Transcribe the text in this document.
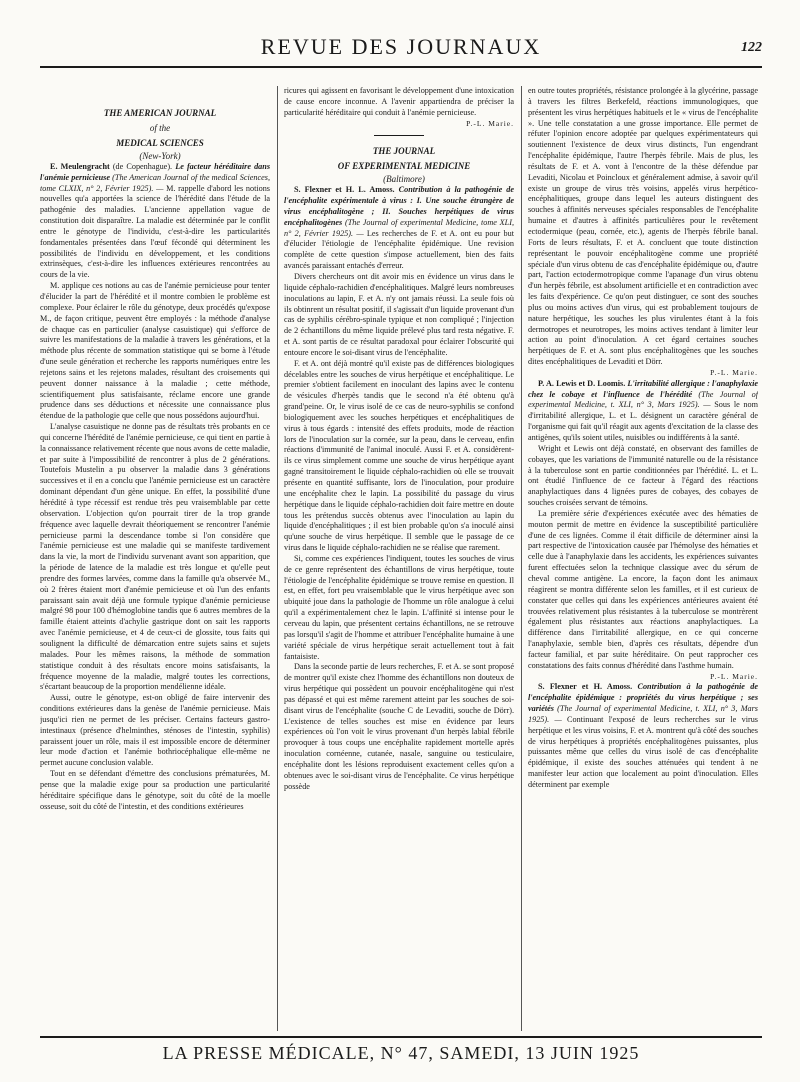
REVUE DES JOURNAUX	122

THE AMERICAN JOURNAL

of the

MEDICAL SCIENCES

(New-York)

E. Meulengracht (de Copenhague). Le facteur héréditaire dans l'anémie pernicieuse (The American Journal of the medical Sciences, tome CLXIX, n° 2, Février 1925). — M. rappelle d'abord les notions nouvelles qu'a apportées la science de l'hérédité dans l'étude de la pathogénie des maladies. L'ancienne appellation vague de constitution doit disparaître. La maladie est déterminée par le conflit entre le génotype de l'individu, c'est-à-dire les particularités fondamentales présentées dans l'œuf fécondé qui déterminent les possibilités de l'individu en développement, et les conditions extrinsèques, c'est-à-dire les influences extérieures rencontrées au cours de la vie.

M. applique ces notions au cas de l'anémie pernicieuse pour tenter d'élucider la part de l'hérédité et il montre combien le problème est complexe. Pour éclairer le rôle du génotype, deux procédés qu'expose M., de façon critique, peuvent être employés : la méthode d'analyse de chaque cas en particulier (analyse casuistique) qui s'efforce de suivre les manifestations de la maladie à travers les générations, et la méthode plus récente de sommation statistique qui se borne à l'étude d'une seule génération et recherche les rapports numériques entre les rejetons sains et les rejetons malades, résultant des croisements qui peuvent donner naissance à la maladie ; cette méthode, scientifiquement plus satisfaisante, réclame encore une grande prudence dans ses déductions et nécessite une connaissance plus étendue de la pathologie que celle que nous possédons aujourd'hui.

L'analyse casuistique ne donne pas de résultats très probants en ce qui concerne l'hérédité de l'anémie pernicieuse, ce qui tient en partie à la connaissance relativement récente que nous avons de cette maladie, et par suite à l'impossibilité de rencontrer à plus de 2 générations. Toutefois Mustelin a pu observer la maladie dans 3 générations successives et il en a conclu que l'anémie pernicieuse est un caractère dominant dépendant d'un gène unique. En effet, la possibilité d'une hérédité à type récessif est rendue très peu vraisemblable par cette observation. L'objection qu'on pourrait tirer de la trop grande fréquence avec laquelle devrait théoriquement se rencontrer l'anémie pernicieuse parmi la descendance tombe si l'on considère que l'anémie pernicieuse est une maladie qui se manifeste tardivement dans la vie, la mort de l'individu survenant avant son apparition, que la période de latence de la maladie est très longue et qu'elle peut prendre des formes larvées, comme dans la famille qu'a observée M., où 2 frères étaient mort d'anémie pernicieuse et où l'un des enfants paraissant sain avait déjà une formule typique d'anémie pernicieuse malgré 98 pour 100 d'hémoglobine tandis que 6 autres membres de la famille étaient atteints d'achylie gastrique dont on sait les rapports avec l'anémie pernicieuse, et 4 de ceux-ci de glossite, tous faits qui soulignent la difficulté de démarcation entre sujets sains et sujets malades. Pour les mêmes raisons, la méthode de sommation statistique conduit à des résultats encore moins satisfaisants, la fréquence moyenne de la maladie, malgré toutes les corrections, s'écartant beaucoup de la proportion mendélienne idéale.

Aussi, outre le génotype, est-on obligé de faire intervenir des conditions extérieures dans la genèse de l'anémie pernicieuse. Mais jusqu'ici rien ne permet de les préciser. Certains facteurs gastro-intestinaux (présence d'helminthes, sténoses de l'intestin, syphilis) paraissent jouer un rôle, mais il est impossible encore de déterminer leur mode d'action et l'anémie bothriocéphalique elle-même ne permet aucune conclusion valable.

Tout en se défendant d'émettre des conclusions prématurées, M. pense que la maladie exige pour sa production une particularité héréditaire spécifique dans le génotype, soit du côté de la moelle osseuse, soit du côté de l'intestin, et des conditions extérieures

ricures qui agissent en favorisant le développement d'une intoxication de cause encore inconnue. A l'avenir appartiendra de préciser la particularité héréditaire qui conduit à l'anémie pernicieuse.

P.-L. Marie.

THE JOURNAL

OF EXPERIMENTAL MEDICINE

(Baltimore)

S. Flexner et H. L. Amoss. Contribution à la pathogénie de l'encéphalite expérimentale à virus : I. Une souche étrangère de virus encéphalitogène ; II. Souches herpétiques de virus encéphalitogènes (The Journal of experimental Medicine, tome XLI, n° 2, Février 1925). — Les recherches de F. et A. ont eu pour but d'élucider l'étiologie de l'encéphalite épidémique. Une revision complète de cette question s'impose actuellement, bien des faits avancés paraissant entachés d'erreur.

Divers chercheurs ont dit avoir mis en évidence un virus dans le liquide céphalo-rachidien d'encéphalitiques. Malgré leurs nombreuses inoculations au lapin, F. et A. n'y ont jamais réussi. La seule fois où ils obtinrent un résultat positif, il s'agissait d'un liquide provenant d'un cas de syphilis cérébro-spinale typique et non compliqué ; l'injection de 2 échantillons du même liquide prélevé plus tard resta négative. F. et A. sont partis de ce résultat paradoxal pour éclairer l'obscurité qui entoure encore le soi-disant virus de l'encéphalite.

F. et A. ont déjà montré qu'il existe pas de différences biologiques décelables entre les souches de virus herpétique et encéphalitique. Le premier s'obtient facilement en inoculant des lapins avec le contenu de vésicules d'herpès tandis que le second n'a été obtenu qu'à grand'peine. Or, le virus isolé de ce cas de neuro-syphilis se confond biologiquement avec les souches herpétiques et encéphalitiques de virus à tous égards : intensité des effets produits, mode de réaction lors de l'inoculation sur la cornée, sur la peau, dans le cerveau, enfin réactions d'immunité de l'animal inoculé. Aussi F. et A. considèrent-ils ce virus simplement comme une souche de virus herpétique ayant gagné transitoirement le liquide céphalo-rachidien où elle se trouvait présente en quantité suffisante, lors de l'inoculation, pour produire une encéphalite chez le lapin. La possibilité du passage du virus herpétique dans le liquide céphalo-rachidien doit faire mettre en doute tous les prétendus succès obtenus avec l'inoculation au lapin du liquide d'encéphalitiques ; il est bien probable qu'on s'a inoculé ainsi qu'une souche de virus herpétique. Il semble que le passage de ce virus dans le liquide céphalo-rachidien ne se réalise que rarement.

Si, comme ces expériences l'indiquent, toutes les souches de virus de ce genre représentent des échantillons de virus herpétique, toute l'étiologie de l'encéphalite épidémique se trouve remise en question. Il est, en effet, fort peu vraisemblable que le virus herpétique avec son ubiquité joue dans la pathologie de l'homme un rôle analogue à celui qu'il a expérimentalement chez le lapin. L'affinité si intense pour le cerveau du lapin, que présentent certains échantillons, ne se retrouve pas lorsqu'il s'agit de l'homme et attribuer l'encéphalite humaine à une variété spéciale de virus herpétique serait actuellement tout à fait fantaisiste.

Dans la seconde partie de leurs recherches, F. et A. se sont proposé de montrer qu'il existe chez l'homme des échantillons non douteux de virus herpétique qui possèdent un pouvoir encéphalitogène qui n'est pas dépassé et qui est même rarement atteint par les souches de soi-disant virus de l'encéphalite (souche C de Levaditi, souche de Dörr). L'existence de telles souches est mise en évidence par leurs expériences où l'on voit le virus provenant d'un herpès labial fébrile provoquer à tous coups une encéphalite rapidement mortelle après inoculation cornéenne, cutanée, nasale, sanguine ou testiculaire, encéphalite dont les lésions reproduisent exactement celles qu'on a obtenues avec le soi-disant virus de l'encéphalite. Ce virus herpétique possède

en outre toutes propriétés, résistance prolongée à la glycérine, passage à travers les filtres Berkefeld, réactions immunologiques, que présentent les virus herpétiques habituels et le « virus de l'encéphalite ». Une telle constatation a une grosse importance. Elle permet de réfuter l'opinion encore adoptée par quelques expérimentateurs qui soutiennent l'existence de deux virus distincts, l'un engendrant l'encéphalite épidémique, l'autre l'herpès fébrile. Mais de plus, les résultats de F. et A. vont à l'encontre de la thèse défendue par Levaditi, Nicolau et Poincloux et généralement admise, à savoir qu'il existe un groupe de virus très voisins, appelés virus herpético-encéphalitiques, groupe dans lequel les auteurs distinguent des souches à affinités nerveuses spéciales responsables de l'encéphalite humaine et d'autres à affinités particulières pour le revêtement ectodermique (peau, cornée, etc.), agents de l'herpès fébrile banal. Forts de leurs résultats, F. et A. concluent que toute distinction représentant le pouvoir encéphalitogène comme une propriété spéciale d'un virus obtenu de cas d'encéphalite épidémique ou, d'autre part, l'action ectodermotropique comme l'apanage d'un virus obtenu d'un herpès fébrile, est absolument artificielle et en contradiction avec les faits d'expérience. Ce qu'on peut distinguer, ce sont des souches plus ou moins actives d'un virus, qui est probablement toujours de nature herpétique, les souches les plus virulentes étant à la fois dermotropes et neurotropes, les moins actives tendant à limiter leur action au point d'inoculation. A cet égard certaines souches herpétiques de F. et A. sont plus encéphalitogènes que les souches dites encéphalitiques de Levaditi et Dörr.

P.-L. Marie.

P. A. Lewis et D. Loomis. L'irritabilité allergique : l'anaphylaxie chez le cobaye et l'influence de l'hérédité (The Journal of experimental Medicine, t. XLI, n° 3, Mars 1925). — Sous le nom d'irritabilité allergique, L. et L. désignent un caractère général de l'organisme qui fait qu'il réagit aux agents d'excitation de la classe des antigènes, qu'ils soient utiles, nuisibles ou indifférents à la santé.

Wright et Lewis ont déjà constaté, en observant des familles de cobayes, que les variations de l'immunité naturelle ou de la résistance à la tuberculose sont en partie conditionnées par l'hérédité. L. et L. ont étudié l'influence de ce facteur à l'égard des réactions anaphylactiques dans 4 lignées pures de cobayes, des cobayes de souches croisées servant de témoins.

La première série d'expériences exécutée avec des hématies de mouton permit de mettre en évidence la susceptibilité particulière d'une de ces lignées. Comme il était difficile de déterminer ainsi la part respective de l'intoxication causée par l'hémolyse des hématies et celle due à l'anaphylaxie dans les accidents, les expériences suivantes furent effectuées selon la technique classique avec du sérum de cheval comme antigène. La encore, la façon dont les animaux réagirent se montra différente selon les familles, et il est curieux de constater que celles qui dans les expériences antérieures avaient été trouvées relativement plus résistantes à la tuberculose se montrèrent également plus résistantes aux réactions anaphylactiques. La différence dans l'irritabilité allergique, en ce qui concerne l'anaphylaxie, semble bien, d'après ces résultats, dépendre d'un facteur familial, et par suite héréditaire. On peut rapprocher ces constatations des faits connus d'hérédité dans l'asthme humain.

P.-L. Marie.

S. Flexner et H. Amoss. Contribution à la pathogénie de l'encéphalite épidémique : propriétés du virus herpétique ; ses variétés (The Journal of experimental Medicine, t. XLI, n° 3, Mars 1925). — Continuant l'exposé de leurs recherches sur le virus herpétique et les virus voisins, F. et A. montrent qu'à côté des souches de virus herpétiques à propriétés encéphalitogènes puissantes, plus puissantes même que celles du virus isolé de cas d'encéphalite épidémique, il existe des souches atténuées qui tendent à ne manifester leur action que localement au point d'inoculation. Elles déterminent par exemple

LA PRESSE MÉDICALE, N° 47, SAMEDI, 13 JUIN 1925
